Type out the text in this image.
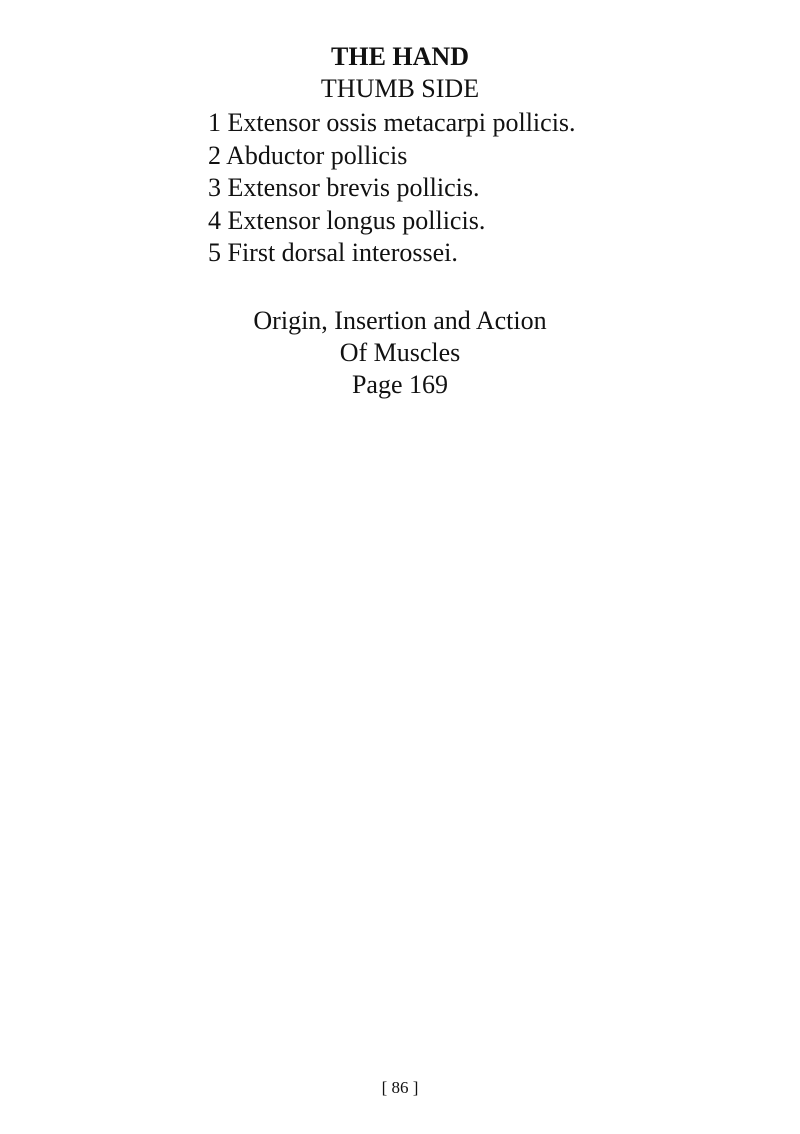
THE HAND
THUMB SIDE
1 Extensor ossis metacarpi pollicis.
2 Abductor pollicis
3 Extensor brevis pollicis.
4 Extensor longus pollicis.
5 First dorsal interossei.
Origin, Insertion and Action
Of Muscles
Page 169
[ 86 ]
